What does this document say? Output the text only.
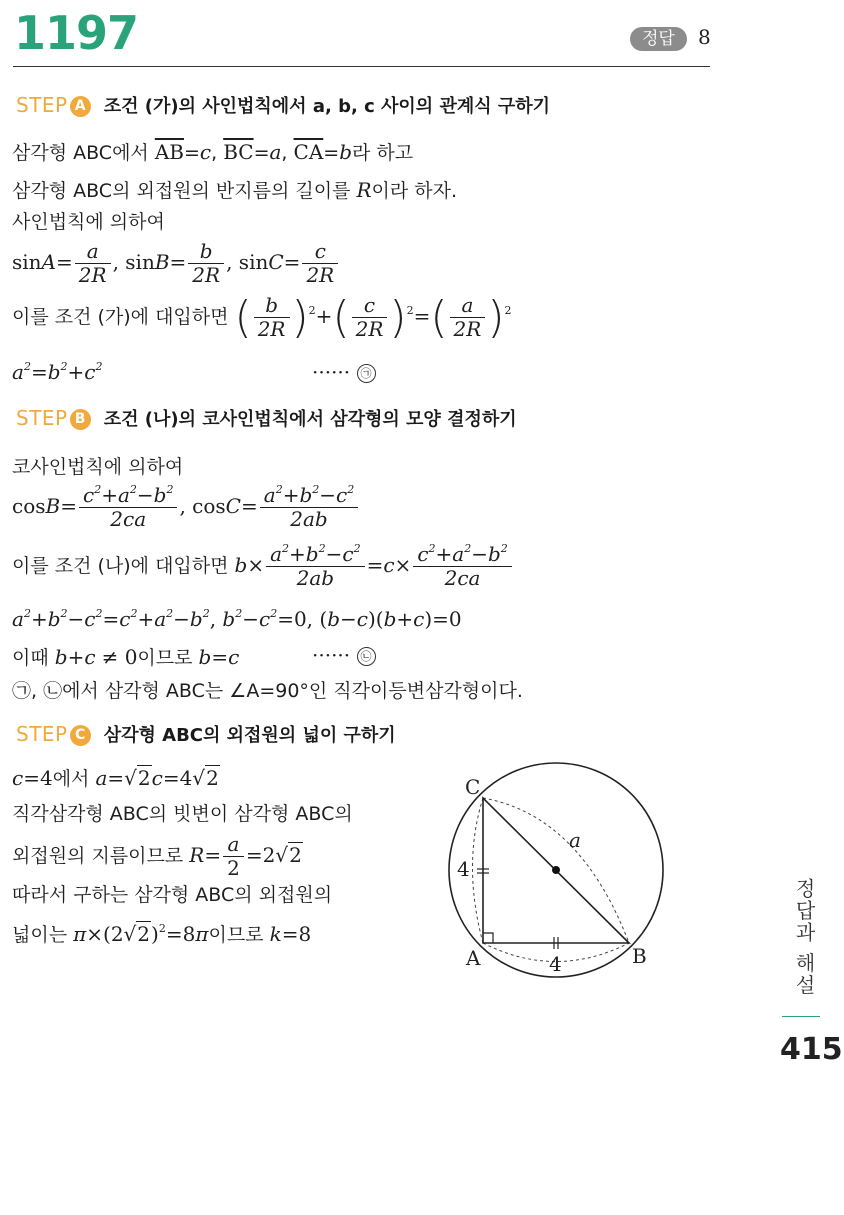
1197	정답 8
STEP A 조건 (가)의 사인법칙에서 a, b, c 사이의 관계식 구하기
삼각형 ABC에서 $\overline{AB}=c$, $\overline{BC}=a$, $\overline{CA}=b$라 하고
삼각형 ABC의 외접원의 반지름의 길이를 R이라 하자.
사인법칙에 의하여
$\sin A= \frac{a}{2R}$ , $\sin B= \frac{b}{2R}$ , $\sin C= \frac{c}{2R}$
이를 조건 (가)에 대입하면 ( $\frac{b}{2R} )^2+( \frac{c}{2R} )^2=( \frac{a}{2R} )^2$
$a^2=b^2+c^2$	······ ㉠
STEP B 조건 (나)의 코사인법칙에서 삼각형의 모양 결정하기
코사인법칙에 의하여
$\cos B= \frac{c^2+a^2-b^2}{2ca}$ , $\cos C= \frac{a^2+b^2-c^2}{2ab}$
이를 조건 (나)에 대입하면 $b\times \frac{a^2+b^2-c^2}{2ab} =c\times \frac{c^2+a^2-b^2}{2ca}$
$a^2+b^2-c^2=c^2+a^2-b^2$, $b^2-c^2=0$, (b−c)(b+c)=0
이때 b+c ≠ 0이므로 b=c	······ ㉡
㉠, ㉡에서 삼각형 ABC는 ∠A=90°인 직각이등변삼각형이다.
STEP C 삼각형 ABC의 외접원의 넓이 구하기
c=4에서 a=√2c=4√2
직각삼각형 ABC의 빗변이 삼각형 ABC의
외접원의 지름이므로 $R= \frac{a}{2} =2√2$
따라서 구하는 삼각형 ABC의 외접원의
넓이는 $\pi\times(2√2)^2=8\pi$이므로 k=8
C
A	B
a
4
4	정답과 해설
415
